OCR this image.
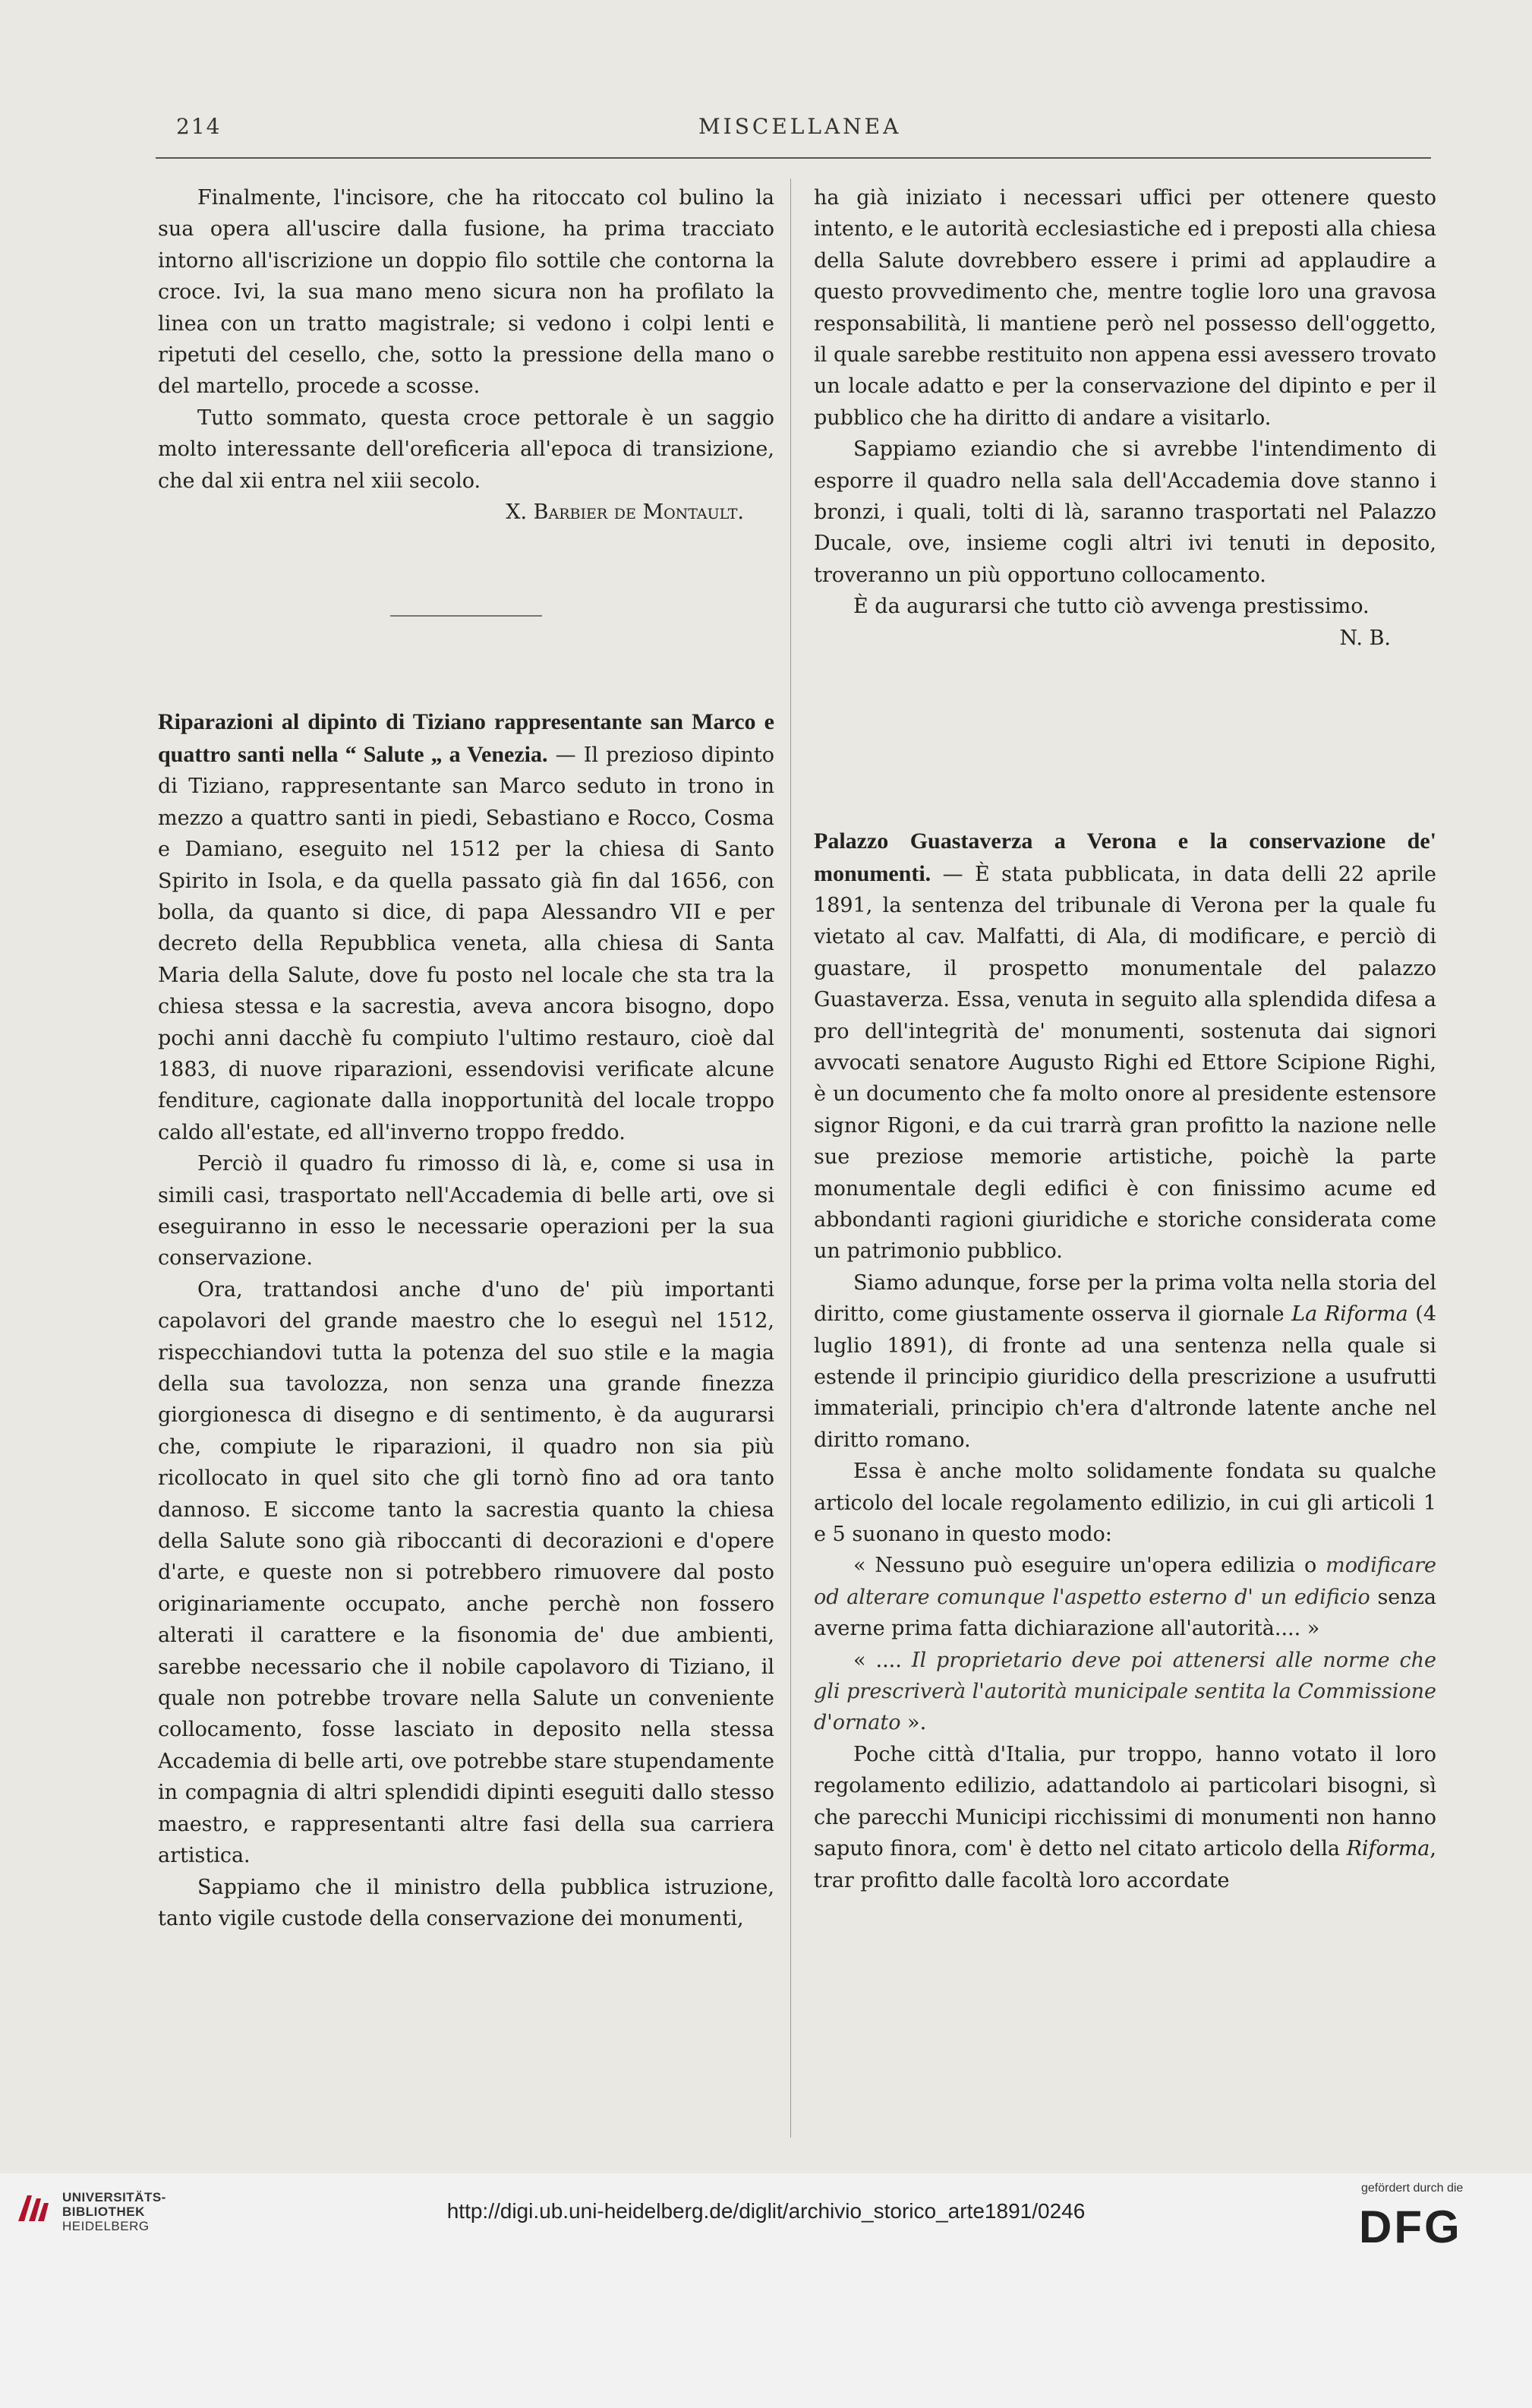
214	MISCELLANEA

Finalmente, l'incisore, che ha ritoccato col bulino la sua opera all'uscire dalla fusione, ha prima tracciato intorno all'iscrizione un doppio filo sottile che contorna la croce. Ivi, la sua mano meno sicura non ha profilato la linea con un tratto magistrale; si vedono i colpi lenti e ripetuti del cesello, che, sotto la pressione della mano o del martello, procede a scosse.

Tutto sommato, questa croce pettorale è un saggio molto interessante dell'oreficeria all'epoca di transizione, che dal xii entra nel xiii secolo.

X. Barbier de Montault.

Riparazioni al dipinto di Tiziano rappresentante san Marco e quattro santi nella “ Salute „ a Venezia. — Il prezioso dipinto di Tiziano, rappresentante san Marco seduto in trono in mezzo a quattro santi in piedi, Sebastiano e Rocco, Cosma e Damiano, eseguito nel 1512 per la chiesa di Santo Spirito in Isola, e da quella passato già fin dal 1656, con bolla, da quanto si dice, di papa Alessandro VII e per decreto della Repubblica veneta, alla chiesa di Santa Maria della Salute, dove fu posto nel locale che sta tra la chiesa stessa e la sacrestia, aveva ancora bisogno, dopo pochi anni dacchè fu compiuto l'ultimo restauro, cioè dal 1883, di nuove riparazioni, essendovisi verificate alcune fenditure, cagionate dalla inopportunità del locale troppo caldo all'estate, ed all'inverno troppo freddo.

Perciò il quadro fu rimosso di là, e, come si usa in simili casi, trasportato nell'Accademia di belle arti, ove si eseguiranno in esso le necessarie operazioni per la sua conservazione.

Ora, trattandosi anche d'uno de' più importanti capolavori del grande maestro che lo eseguì nel 1512, rispecchiandovi tutta la potenza del suo stile e la magia della sua tavolozza, non senza una grande finezza giorgionesca di disegno e di sentimento, è da augurarsi che, compiute le riparazioni, il quadro non sia più ricollocato in quel sito che gli tornò fino ad ora tanto dannoso. E siccome tanto la sacrestia quanto la chiesa della Salute sono già riboccanti di decorazioni e d'opere d'arte, e queste non si potrebbero rimuovere dal posto originariamente occupato, anche perchè non fossero alterati il carattere e la fisonomia de' due ambienti, sarebbe necessario che il nobile capolavoro di Tiziano, il quale non potrebbe trovare nella Salute un conveniente collocamento, fosse lasciato in deposito nella stessa Accademia di belle arti, ove potrebbe stare stupendamente in compagnia di altri splendidi dipinti eseguiti dallo stesso maestro, e rappresentanti altre fasi della sua carriera artistica.

Sappiamo che il ministro della pubblica istruzione, tanto vigile custode della conservazione dei monumenti,

ha già iniziato i necessari uffici per ottenere questo intento, e le autorità ecclesiastiche ed i preposti alla chiesa della Salute dovrebbero essere i primi ad applaudire a questo provvedimento che, mentre toglie loro una gravosa responsabilità, li mantiene però nel possesso dell'oggetto, il quale sarebbe restituito non appena essi avessero trovato un locale adatto e per la conservazione del dipinto e per il pubblico che ha diritto di andare a visitarlo.

Sappiamo eziandio che si avrebbe l'intendimento di esporre il quadro nella sala dell'Accademia dove stanno i bronzi, i quali, tolti di là, saranno trasportati nel Palazzo Ducale, ove, insieme cogli altri ivi tenuti in deposito, troveranno un più opportuno collocamento.

È da augurarsi che tutto ciò avvenga prestissimo.

N. B.

Palazzo Guastaverza a Verona e la conservazione de' monumenti. — È stata pubblicata, in data delli 22 aprile 1891, la sentenza del tribunale di Verona per la quale fu vietato al cav. Malfatti, di Ala, di modificare, e perciò di guastare, il prospetto monumentale del palazzo Guastaverza. Essa, venuta in seguito alla splendida difesa a pro dell'integrità de' monumenti, sostenuta dai signori avvocati senatore Augusto Righi ed Ettore Scipione Righi, è un documento che fa molto onore al presidente estensore signor Rigoni, e da cui trarrà gran profitto la nazione nelle sue preziose memorie artistiche, poichè la parte monumentale degli edifici è con finissimo acume ed abbondanti ragioni giuridiche e storiche considerata come un patrimonio pubblico.

Siamo adunque, forse per la prima volta nella storia del diritto, come giustamente osserva il giornale La Riforma (4 luglio 1891), di fronte ad una sentenza nella quale si estende il principio giuridico della prescrizione a usufrutti immateriali, principio ch'era d'altronde latente anche nel diritto romano.

Essa è anche molto solidamente fondata su qualche articolo del locale regolamento edilizio, in cui gli articoli 1 e 5 suonano in questo modo:

« Nessuno può eseguire un'opera edilizia o modificare od alterare comunque l'aspetto esterno d' un edificio senza averne prima fatta dichiarazione all'autorità.... »

« .... Il proprietario deve poi attenersi alle norme che gli prescriverà l'autorità municipale sentita la Commissione d'ornato ».

Poche città d'Italia, pur troppo, hanno votato il loro regolamento edilizio, adattandolo ai particolari bisogni, sì che parecchi Municipi ricchissimi di monumenti non hanno saputo finora, com' è detto nel citato articolo della Riforma, trar profitto dalle facoltà loro accordate

UNIVERSITÄTS-
BIBLIOTHEK
HEIDELBERG
http://digi.ub.uni-heidelberg.de/diglit/archivio_storico_arte1891/0246
gefördert durch die
DFG
